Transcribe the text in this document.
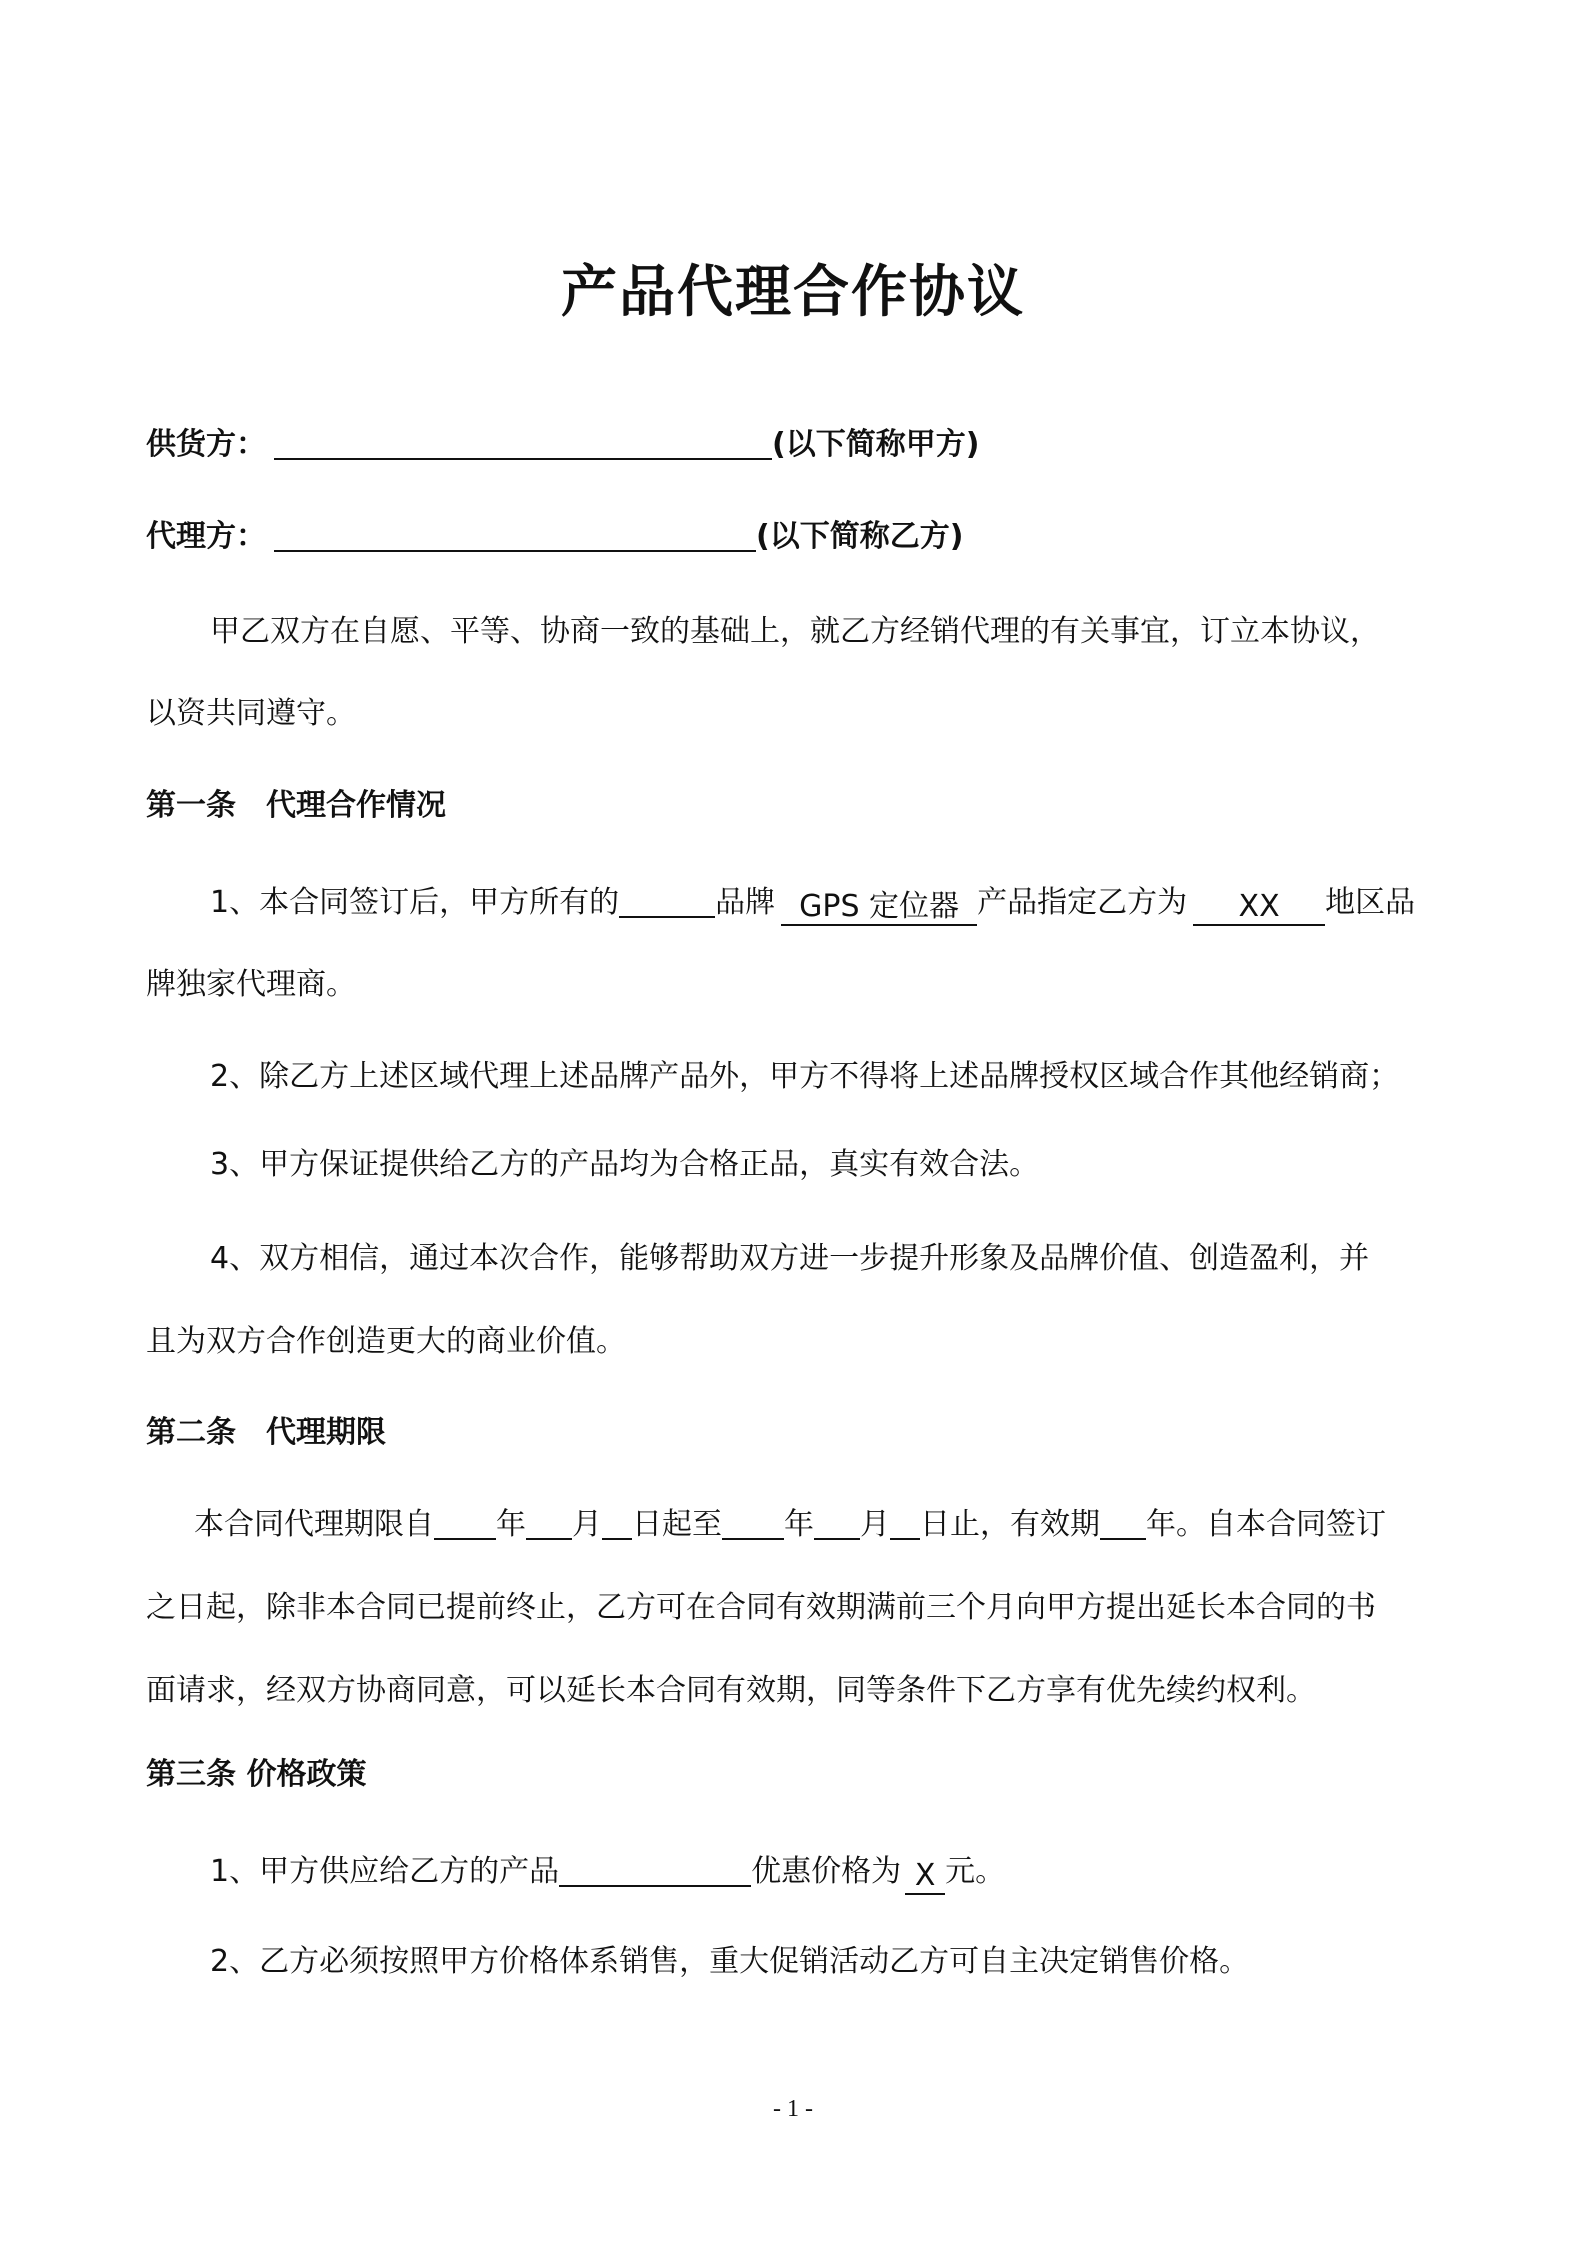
产品代理合作协议
供货方：	(以下简称甲方)
代理方：	(以下简称乙方)
甲乙双方在自愿、平等、协商一致的基础上，就乙方经销代理的有关事宜，订立本协议，
以资共同遵守。
第一条　代理合作情况
1、本合同签订后，甲方所有的	品牌 GPS 定位器 产品指定乙方为 XX 地区品
牌独家代理商。
2、除乙方上述区域代理上述品牌产品外，甲方不得将上述品牌授权区域合作其他经销商；
3、甲方保证提供给乙方的产品均为合格正品，真实有效合法。
4、双方相信，通过本次合作，能够帮助双方进一步提升形象及品牌价值、创造盈利，并
且为双方合作创造更大的商业价值。
第二条　代理期限
本合同代理期限自 年 月 日起至 年 月 日止，有效期 年。自本合同签订
之日起，除非本合同已提前终止，乙方可在合同有效期满前三个月向甲方提出延长本合同的书
面请求，经双方协商同意，可以延长本合同有效期，同等条件下乙方享有优先续约权利。
第三条 价格政策
1、甲方供应给乙方的产品	优惠价格为 X 元。
2、乙方必须按照甲方价格体系销售，重大促销活动乙方可自主决定销售价格。
- 1 -
